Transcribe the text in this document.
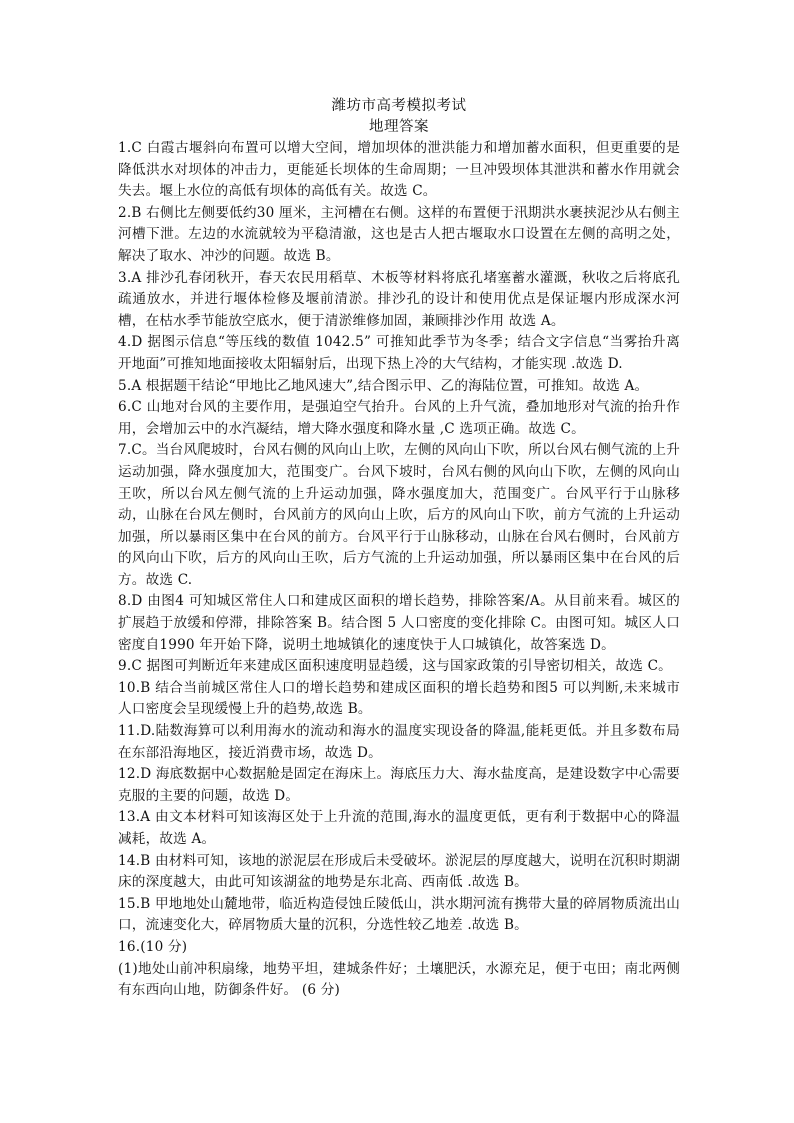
潍坊市高考模拟考试
地理答案

1.C 白霞古堰斜向布置可以增大空间，增加坝体的泄洪能力和增加蓄水面积，但更重要的是降低洪水对坝体的冲击力，更能延长坝体的生命周期；一旦冲毁坝体其泄洪和蓄水作用就会失去。堰上水位的高低有坝体的高低有关。故选 C。

2.B 右侧比左侧要低约30 厘米，主河槽在右侧。这样的布置便于汛期洪水裹挟泥沙从右侧主河槽下泄。左边的水流就较为平稳清澈，这也是古人把古堰取水口设置在左侧的高明之处，解决了取水、冲沙的问题。故选 B。

3.A 排沙孔春闭秋开，春天农民用稻草、木板等材料将底孔堵塞蓄水灌溉，秋收之后将底孔疏通放水，并进行堰体检修及堰前清淤。排沙孔的设计和使用优点是保证堰内形成深水河槽，在枯水季节能放空底水，便于清淤维修加固，兼顾排沙作用 故选 A。

4.D 据图示信息“等压线的数值 1042.5” 可推知此季节为冬季；结合文字信息“当雾抬升离开地面”可推知地面接收太阳辐射后，出现下热上冷的大气结构，才能实现 .故选 D.

5.A 根据题干结论“甲地比乙地风速大”,结合图示甲、乙的海陆位置，可推知。故选 A。

6.C 山地对台风的主要作用，是强迫空气抬升。台风的上升气流，叠加地形对气流的抬升作用，会增加云中的水汽凝结，增大降水强度和降水量 ,C 选项正确。故选 C。

7.C。当台风爬坡时，台风右侧的风向山上吹，左侧的风向山下吹，所以台风右侧气流的上升运动加强，降水强度加大，范围变广。台风下坡时，台风右侧的风向山下吹，左侧的风向山王吹，所以台风左侧气流的上升运动加强，降水强度加大，范围变广。台风平行于山脉移动，山脉在台风左侧时，台风前方的风向山上吹，后方的风向山下吹，前方气流的上升运动加强，所以暴雨区集中在台风的前方。台风平行于山脉移动，山脉在台风右侧时，台风前方的风向山下吹，后方的风向山王吹，后方气流的上升运动加强，所以暴雨区集中在台风的后方。故选 C.

8.D 由图4 可知城区常住人口和建成区面积的增长趋势，排除答案/A。从目前来看。城区的扩展趋于放缓和停滞，排除答案 B。结合图 5 人口密度的变化排除 C。由图可知。城区人口密度自1990 年开始下降，说明土地城镇化的速度快于人口城镇化，故答案选 D。

9.C 据图可判断近年来建成区面积速度明显趋缓，这与国家政策的引导密切相关，故选 C。

10.B 结合当前城区常住人口的增长趋势和建成区面积的增长趋势和图5 可以判断,未来城市人口密度会呈现缓慢上升的趋势,故选 B。

11.D.陆数海算可以利用海水的流动和海水的温度实现设备的降温,能耗更低。并且多数布局在东部沿海地区，接近消费市场，故选 D。

12.D 海底数据中心数据舱是固定在海床上。海底压力大、海水盐度高，是建设数字中心需要克服的主要的问题，故选 D。

13.A 由文本材料可知该海区处于上升流的范围,海水的温度更低，更有利于数据中心的降温减耗，故选 A。

14.B 由材料可知，该地的淤泥层在形成后未受破坏。淤泥层的厚度越大，说明在沉积时期湖床的深度越大，由此可知该湖盆的地势是东北高、西南低 .故选 B。

15.B 甲地地处山麓地带，临近构造侵蚀丘陵低山，洪水期河流有携带大量的碎屑物质流出山口，流速变化大，碎屑物质大量的沉积，分选性较乙地差 .故选 B。

16.(10 分)

(1)地处山前冲积扇缘，地势平坦，建城条件好；土壤肥沃，水源充足，便于屯田；南北两侧有东西向山地，防御条件好。 (6 分)
